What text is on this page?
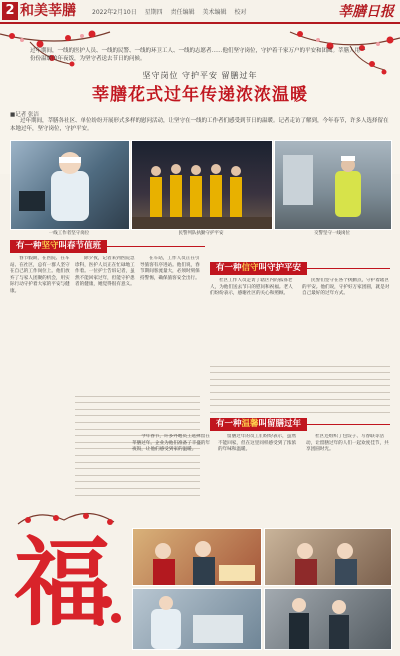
2 和美莘膳	2022年2月10日 星期四 责任编辑 美术编辑 校对	莘膳日报
过年期间，一线的医护人员、一线的民警、一线的环卫工人、一线的志愿者……他们坚守岗位，守护着千家万户的平安和团圆。莘膳人用一份份温暖的年夜饭，为坚守者送去节日的问候。
坚守岗位 守护平安 留膳过年
莘膳花式过年传递浓浓温暖
■记者 张洁
过年期间，莘膳各社区、单位纷纷开展形式多样的慰问活动，让坚守在一线的工作者们感受到节日的温暖。记者走访了解到，今年春节，许多人选择留在本地过年，坚守岗位，守护平安。
一线工作者坚守岗位	民警列队执勤守护平安	交警坚守一线岗位
有一种坚守叫春节值班
春节假期，在医院、在车站、在社区，总有一群人坚守在自己的工作岗位上。他们放弃了与家人团聚的机会，用实际行动守护着大家的平安与健康。
除夕夜，记者来到医院急诊科，医护人员正在忙碌地工作着。一位护士告诉记者，虽然不能回家过年，但能守护患者的健康，她觉得很有意义。
在车站，工作人员正在引导旅客有序进站。他们说，春节期间客流量大，必须时刻保持警惕，确保旅客安全出行。
有一种信守叫守护平安
社区工作人员走访了辖区内的孤寡老人，为他们送去节日的慰问和祝福。老人们纷纷表示，感谢社区的关心和照顾。
民警们坚守在各个执勤点，守护着辖区的平安。他们说，守护好万家团圆，就是对自己最好的过年方式。
有一种温馨叫留膳过年
今年春节，许多外地员工选择留在莘膳过年。企业为他们准备了丰盛的年夜饭，让他们感受到家的温暖。
留膳过年的员工们纷纷表示，虽然不能回家，但在这里同样感受到了浓浓的年味和温暖。
社区还组织了包饺子、写春联等活动，让留膳过年的人们一起欢度佳节，共享团圆时光。
福
